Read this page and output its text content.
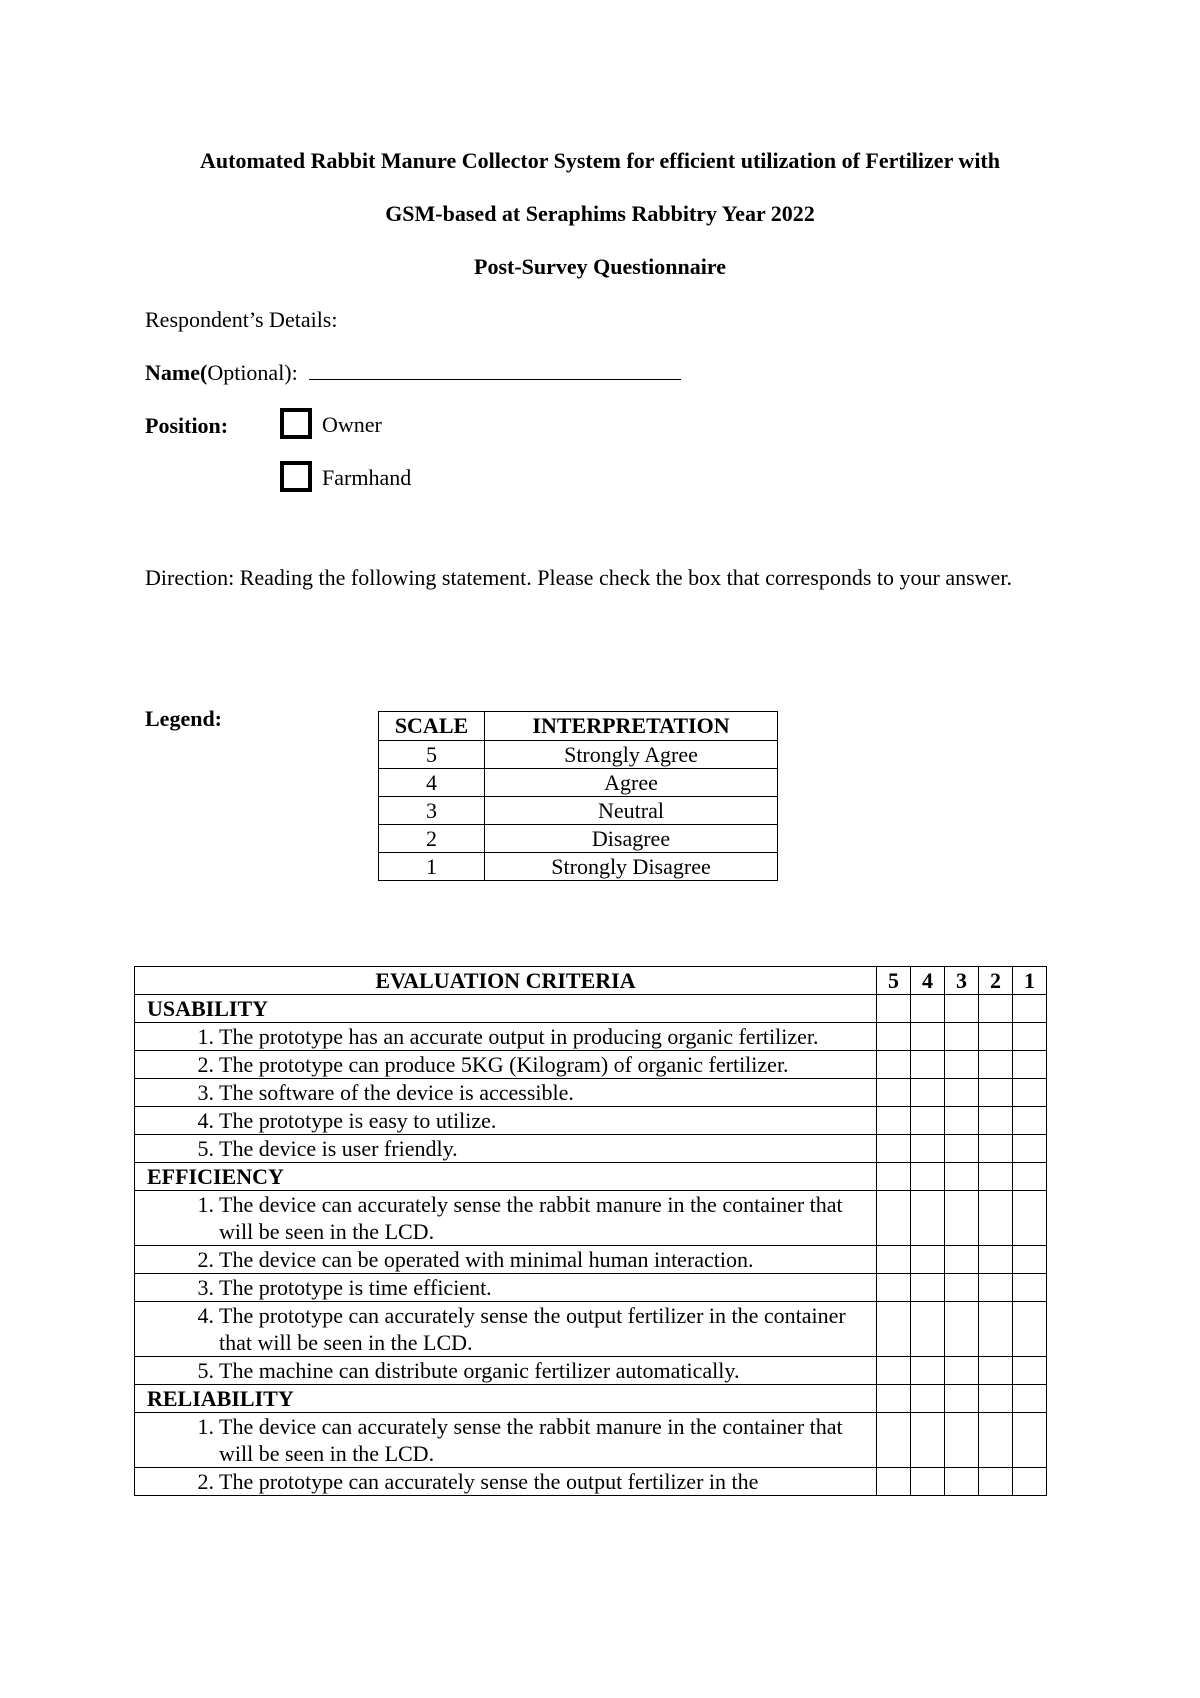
Automated Rabbit Manure Collector System for efficient utilization of Fertilizer with
GSM-based at Seraphims Rabbitry Year 2022
Post-Survey Questionnaire
Respondent’s Details:
Name(Optional):
Position:	Owner
Farmhand
Direction: Reading the following statement. Please check the box that corresponds to your answer.
Legend:	SCALE	INTERPRETATION
5	Strongly Agree
4	Agree
3	Neutral
2	Disagree
1	Strongly Disagree
EVALUATION CRITERIA	5	4	3	2	1
USABILITY					

1. The prototype has an accurate output in producing organic fertilizer.					

2. The prototype can produce 5KG (Kilogram) of organic fertilizer.					

3. The software of the device is accessible.					

4. The prototype is easy to utilize.					

5. The device is user friendly.					
EFFICIENCY					

1. The device can accurately sense the rabbit manure in the container that will be seen in the LCD.					

2. The device can be operated with minimal human interaction.					

3. The prototype is time efficient.					

4. The prototype can accurately sense the output fertilizer in the container that will be seen in the LCD.					

5. The machine can distribute organic fertilizer automatically.					
RELIABILITY					

1. The device can accurately sense the rabbit manure in the container that will be seen in the LCD.					

2. The prototype can accurately sense the output fertilizer in the					
